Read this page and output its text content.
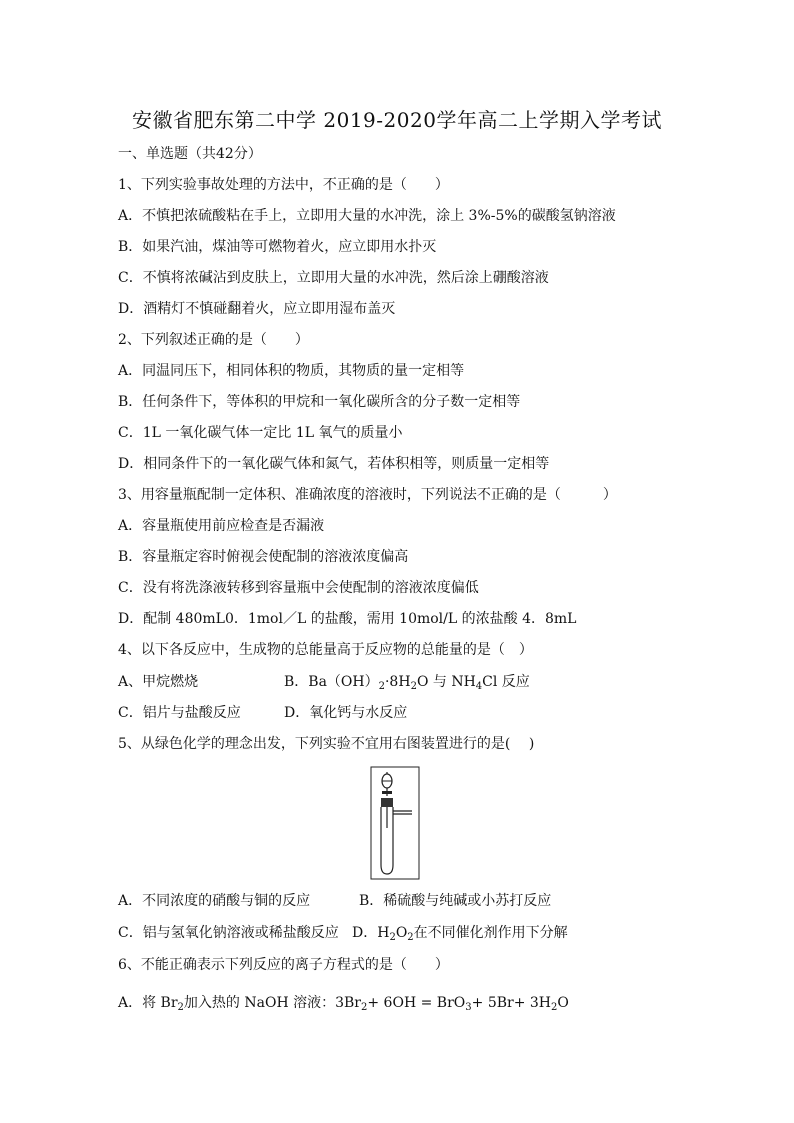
安徽省肥东第二中学 2019-2020学年高二上学期入学考试
一、单选题（共42分）
1、下列实验事故处理的方法中，不正确的是（　　）
A．不慎把浓硫酸粘在手上，立即用大量的水冲洗，涂上 3%-5%的碳酸氢钠溶液
B．如果汽油，煤油等可燃物着火，应立即用水扑灭
C．不慎将浓碱沾到皮肤上，立即用大量的水冲洗，然后涂上硼酸溶液
D．酒精灯不慎碰翻着火，应立即用湿布盖灭
2、下列叙述正确的是（　　）
A．同温同压下，相同体积的物质，其物质的量一定相等
B．任何条件下，等体积的甲烷和一氧化碳所含的分子数一定相等
C．1L 一氧化碳气体一定比 1L 氧气的质量小
D．相同条件下的一氧化碳气体和氮气，若体积相等，则质量一定相等
3、用容量瓶配制一定体积、准确浓度的溶液时，下列说法不正确的是（　　　）
A．容量瓶使用前应检查是否漏液
B．容量瓶定容时俯视会使配制的溶液浓度偏高
C．没有将洗涤液转移到容量瓶中会使配制的溶液浓度偏低
D．配制 480mL0．1mol／L 的盐酸，需用 10mol/L 的浓盐酸 4．8mL
4、以下各反应中，生成物的总能量高于反应物的总能量的是（　）
A、甲烷燃烧	B．$Ba(OH)_2\cdot 8H_2O$ 与 $NH_4Cl$ 反应
C．铝片与盐酸反应	D．氧化钙与水反应
5、从绿色化学的理念出发，下列实验不宜用右图装置进行的是(　 )
A．不同浓度的硝酸与铜的反应	B．稀硫酸与纯碱或小苏打反应
C．铝与氢氧化钠溶液或稀盐酸反应 D．$H_2O_2$在不同催化剂作用下分解
6、不能正确表示下列反应的离子方程式的是（　　）
A．将 $Br_2$加入热的 NaOH 溶液：$3Br_2+ 6OH = BrO_3+ 5Br+ 3H_2O$
